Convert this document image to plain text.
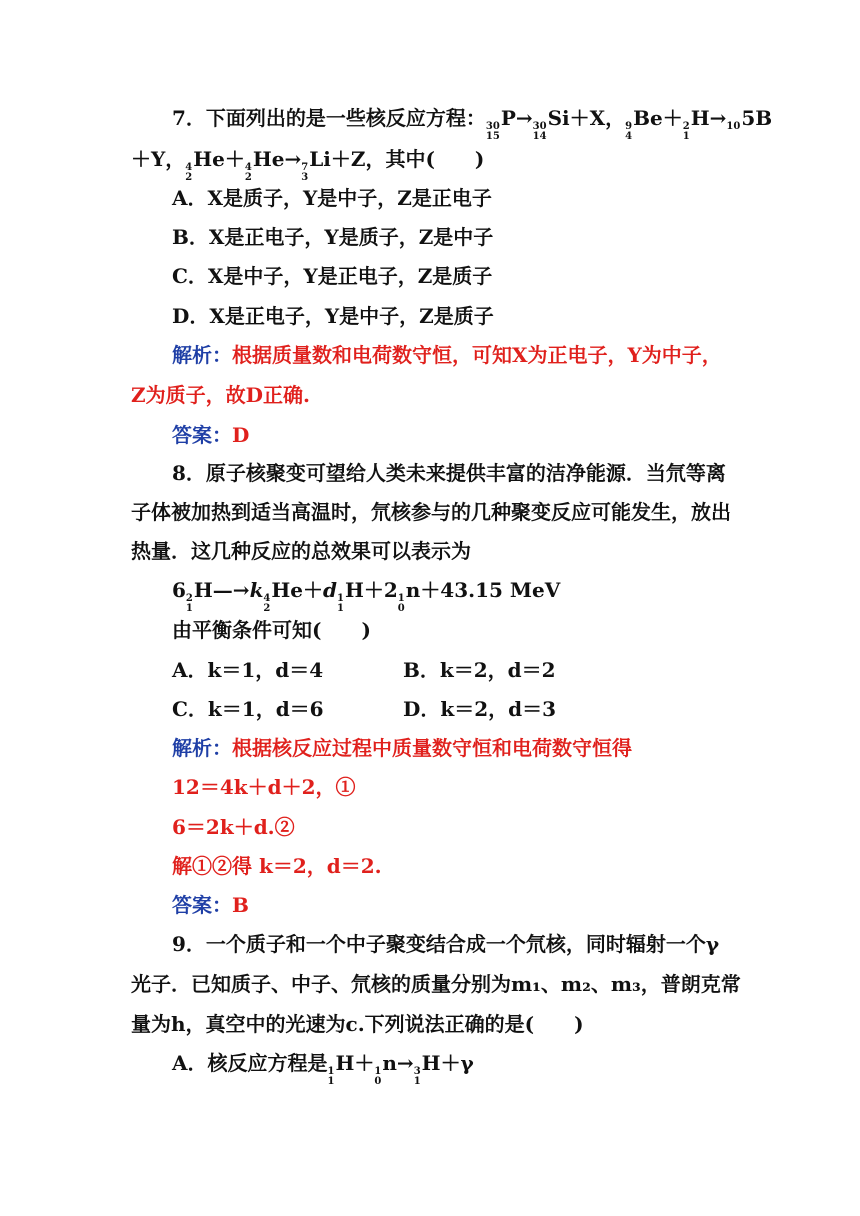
7．下面列出的是一些核反应方程： 30
15
P→ 30
14
Si＋X， 9
4
Be＋ 2
1
H→ 10
5B
＋Y， 4
2
He＋ 4
2
He→ 7
3
Li＋Z，其中(　　)
A．X是质子，Y是中子，Z是正电子
B．X是正电子，Y是质子，Z是中子
C．X是中子，Y是正电子，Z是质子
D．X是正电子，Y是中子，Z是质子
解析：根据质量数和电荷数守恒，可知X为正电子，Y为中子，
Z为质子，故D正确.
答案：D
8．原子核聚变可望给人类未来提供丰富的洁净能源．当氘等离
子体被加热到适当高温时，氘核参与的几种聚变反应可能发生，放出
热量．这几种反应的总效果可以表示为
6 2
1
H—→k 4
2
He＋d 1
1
H＋2 1
0
n＋43.15 MeV
由平衡条件可知(　　)
A．k＝1，d＝4	B．k＝2，d＝2
C．k＝1，d＝6	D．k＝2，d＝3
解析：根据核反应过程中质量数守恒和电荷数守恒得
12＝4k＋d＋2，①
6＝2k＋d.②
解①②得 k＝2，d＝2.
答案：B
9．一个质子和一个中子聚变结合成一个氘核，同时辐射一个γ
光子．已知质子、中子、氘核的质量分别为m₁、m₂、m₃，普朗克常
量为h，真空中的光速为c.下列说法正确的是(　　)
A．核反应方程是 1
1
H＋ 1
0
n→ 3
1
H＋γ
